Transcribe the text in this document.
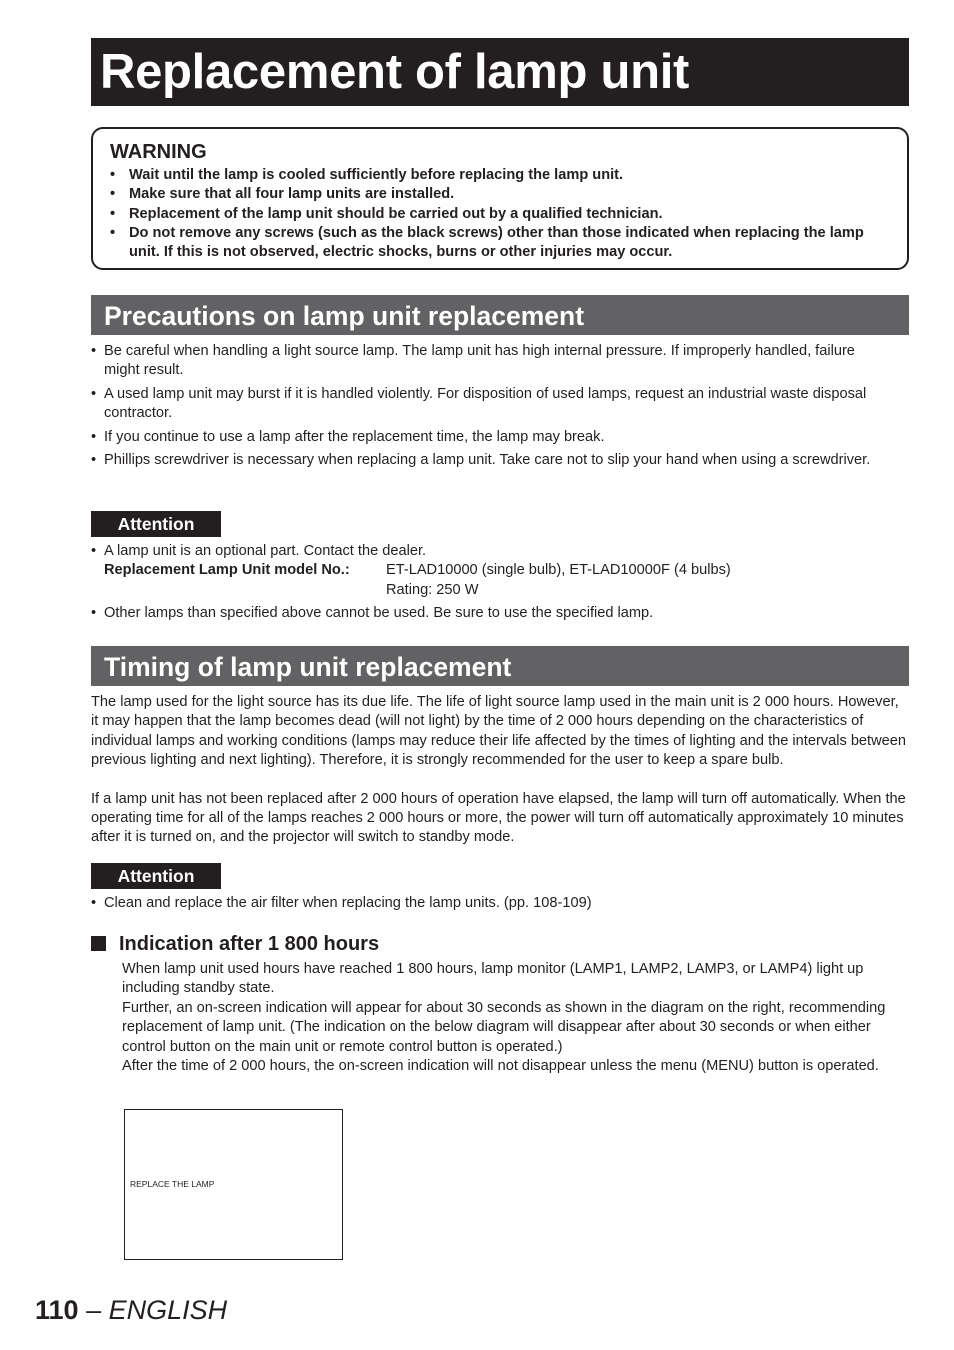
Replacement of lamp unit
WARNING
• Wait until the lamp is cooled sufficiently before replacing the lamp unit.
• Make sure that all four lamp units are installed.
• Replacement of the lamp unit should be carried out by a qualified technician.
• Do not remove any screws (such as the black screws) other than those indicated when replacing the lamp unit. If this is not observed, electric shocks, burns or other injuries may occur.
Precautions on lamp unit replacement
• Be careful when handling a light source lamp. The lamp unit has high internal pressure. If improperly handled, failure might result.
• A used lamp unit may burst if it is handled violently. For disposition of used lamps, request an industrial waste disposal contractor.
• If you continue to use a lamp after the replacement time, the lamp may break.
• Phillips screwdriver is necessary when replacing a lamp unit. Take care not to slip your hand when using a screwdriver.
Attention
• A lamp unit is an optional part. Contact the dealer.
Replacement Lamp Unit model No.: ET-LAD10000 (single bulb), ET-LAD10000F (4 bulbs)
Rating: 250 W
• Other lamps than specified above cannot be used. Be sure to use the specified lamp.
Timing of lamp unit replacement
The lamp used for the light source has its due life. The life of light source lamp used in the main unit is 2 000 hours. However, it may happen that the lamp becomes dead (will not light) by the time of 2 000 hours depending on the characteristics of individual lamps and working conditions (lamps may reduce their life affected by the times of lighting and the intervals between previous lighting and next lighting). Therefore, it is strongly recommended for the user to keep a spare bulb.
If a lamp unit has not been replaced after 2 000 hours of operation have elapsed, the lamp will turn off automatically. When the operating time for all of the lamps reaches 2 000 hours or more, the power will turn off automatically approximately 10 minutes after it is turned on, and the projector will switch to standby mode.
Attention
• Clean and replace the air filter when replacing the lamp units. (pp. 108-109)
Indication after 1 800 hours
When lamp unit used hours have reached 1 800 hours, lamp monitor (LAMP1, LAMP2, LAMP3, or LAMP4) light up including standby state.
Further, an on-screen indication will appear for about 30 seconds as shown in the diagram on the right, recommending replacement of lamp unit. (The indication on the below diagram will disappear after about 30 seconds or when either control button on the main unit or remote control button is operated.)
After the time of 2 000 hours, the on-screen indication will not disappear unless the menu (MENU) button is operated.
REPLACE THE LAMP
110 – ENGLISH
